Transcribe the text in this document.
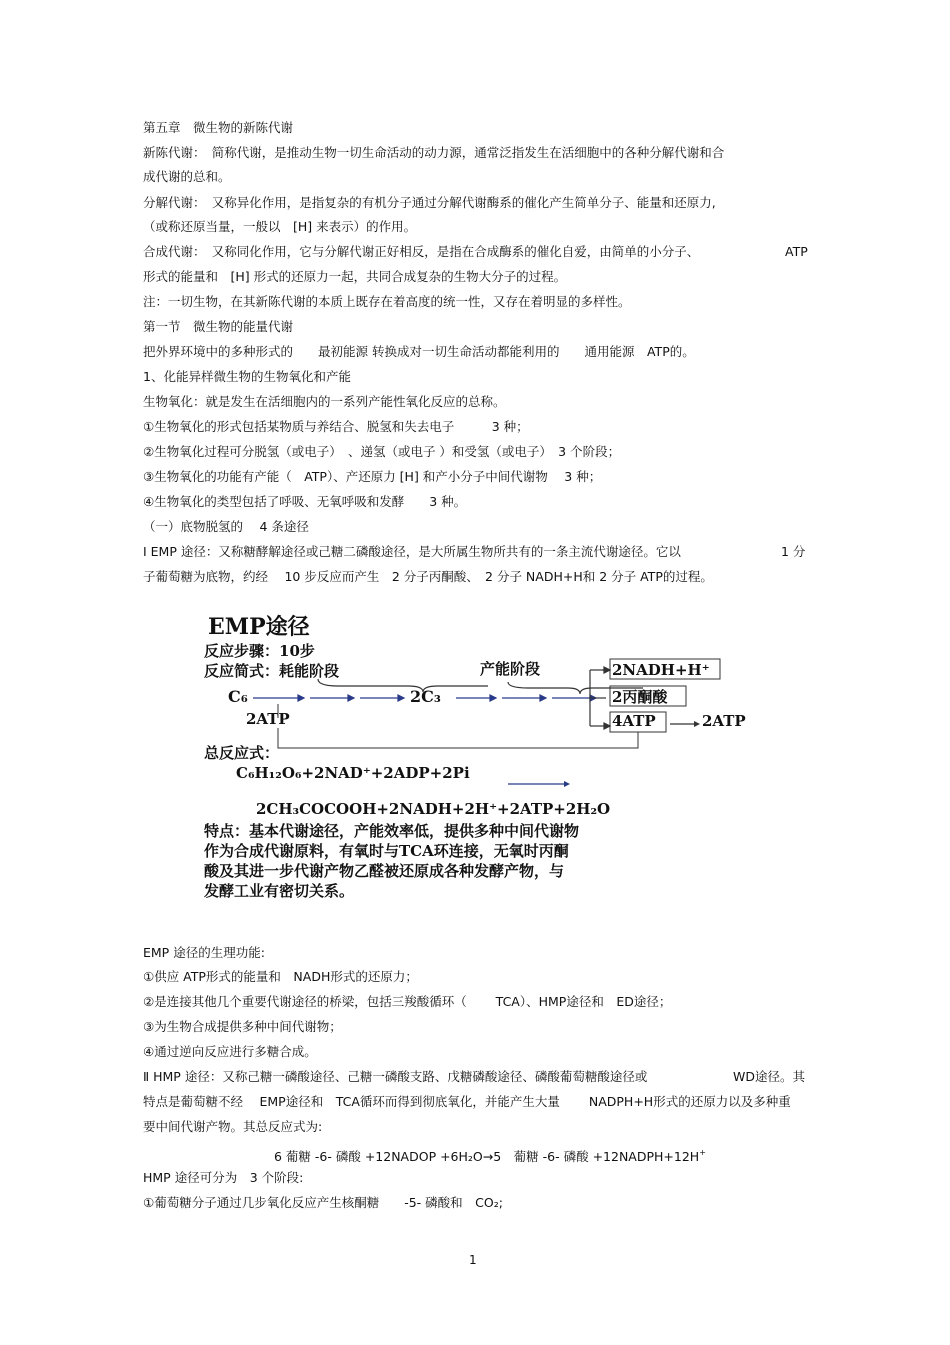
第五章　微生物的新陈代谢
新陈代谢：　简称代谢，是推动生物一切生命活动的动力源，通常泛指发生在活细胞中的各种分解代谢和合
成代谢的总和。
分解代谢：　又称异化作用，是指复杂的有机分子通过分解代谢酶系的催化产生简单分子、能量和还原力,
（或称还原当量，一般以　[H] 来表示）的作用。
合成代谢：　又称同化作用，它与分解代谢正好相反，是指在合成酶系的催化自爱，由简单的小分子、	ATP
形式的能量和　[H] 形式的还原力一起，共同合成复杂的生物大分子的过程。
注：一切生物，在其新陈代谢的本质上既存在着高度的统一性，又存在着明显的多样性。
第一节　微生物的能量代谢
把外界环境中的多种形式的　　最初能源 转换成对一切生命活动都能利用的　　通用能源　ATP的。
1、化能异样微生物的生物氧化和产能
生物氧化：就是发生在活细胞内的一系列产能性氧化反应的总称。
①生物氧化的形式包括某物质与养结合、脱氢和失去电子　　　3 种；
②生物氧化过程可分脱氢（或电子）　、递氢（或电子 ）和受氢（或电子）　3 个阶段；
③生物氧化的功能有产能（　ATP）、产还原力 [H] 和产小分子中间代谢物　 3 种；
④生物氧化的类型包括了呼吸、无氧呼吸和发酵　　3 种。
（一）底物脱氢的　 4 条途径
Ⅰ EMP 途径：又称糖酵解途径或己糖二磷酸途径，是大所属生物所共有的一条主流代谢途径。它以	1 分
子葡萄糖为底物，约经　 10 步反应而产生　2 分子丙酮酸、　2 分子 NADH+H和 2 分子 ATP的过程。
EMP途径
反应步骤：10步
反应简式：耗能阶段	产能阶段
C₆	2C₃
2ATP
2NADH+H⁺
2丙酮酸
4ATP	2ATP
总反应式：
C₆H₁₂O₆+2NAD⁺+2ADP+2Pi
2CH₃COCOOH+2NADH+2H⁺+2ATP+2H₂O
特点：基本代谢途径，产能效率低，提供多种中间代谢物
作为合成代谢原料，有氧时与TCA环连接，无氧时丙酮
酸及其进一步代谢产物乙醛被还原成各种发酵产物，与
发酵工业有密切关系。
EMP 途径的生理功能:
①供应 ATP形式的能量和　NADH形式的还原力；
②是连接其他几个重要代谢途径的桥梁，包括三羧酸循环（　　 TCA）、HMP途径和　ED途径；
③为生物合成提供多种中间代谢物；
④通过逆向反应进行多糖合成。
Ⅱ HMP 途径：又称己糖一磷酸途径、己糖一磷酸支路、戊糖磷酸途径、磷酸葡萄糖酸途径或	WD途径。其
特点是葡萄糖不经　 EMP途径和　TCA循环而得到彻底氧化，并能产生大量　　 NADPH+H形式的还原力以及多种重
要中间代谢产物。其总反应式为:
6 葡糖 -6- 磷酸 +12NADOP +6H₂O→5　葡糖 -6- 磷酸 +12NADPH+12H+
HMP 途径可分为　3 个阶段:
①葡萄糖分子通过几步氧化反应产生核酮糖　　-5- 磷酸和　CO₂;
1
